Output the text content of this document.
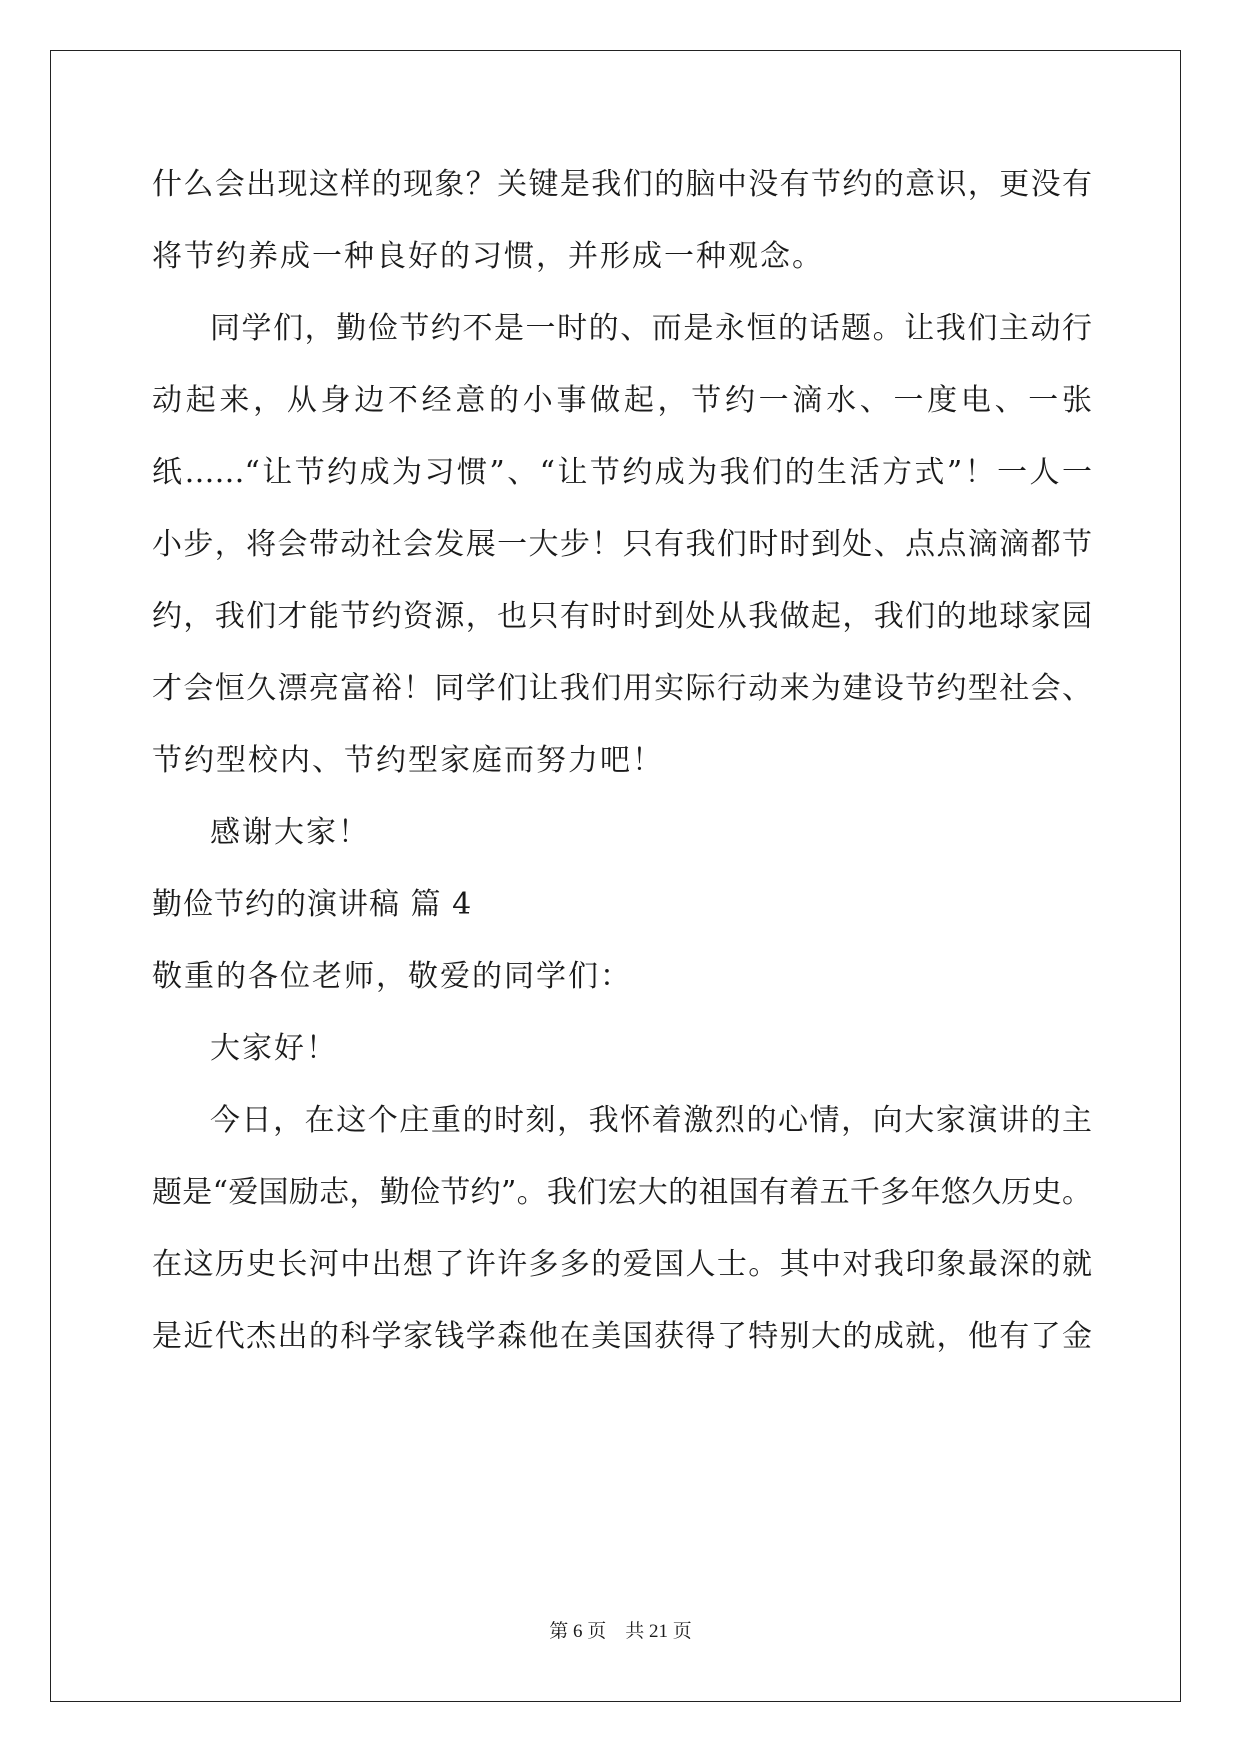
什么会出现这样的现象？关键是我们的脑中没有节约的意识，更没有
将节约养成一种良好的习惯，并形成一种观念。
同学们，勤俭节约不是一时的、而是永恒的话题。让我们主动行
动起来，从身边不经意的小事做起，节约一滴水、一度电、一张
纸……“让节约成为习惯”、“让节约成为我们的生活方式”！一人一
小步，将会带动社会发展一大步！只有我们时时到处、点点滴滴都节
约，我们才能节约资源，也只有时时到处从我做起，我们的地球家园
才会恒久漂亮富裕！同学们让我们用实际行动来为建设节约型社会、
节约型校内、节约型家庭而努力吧！
感谢大家！
勤俭节约的演讲稿 篇 4
敬重的各位老师，敬爱的同学们：
大家好！
今日，在这个庄重的时刻，我怀着激烈的心情，向大家演讲的主
题是“爱国励志，勤俭节约”。我们宏大的祖国有着五千多年悠久历史。
在这历史长河中出想了许许多多的爱国人士。其中对我印象最深的就
是近代杰出的科学家钱学森他在美国获得了特别大的成就，他有了金
第 6 页    共 21 页
